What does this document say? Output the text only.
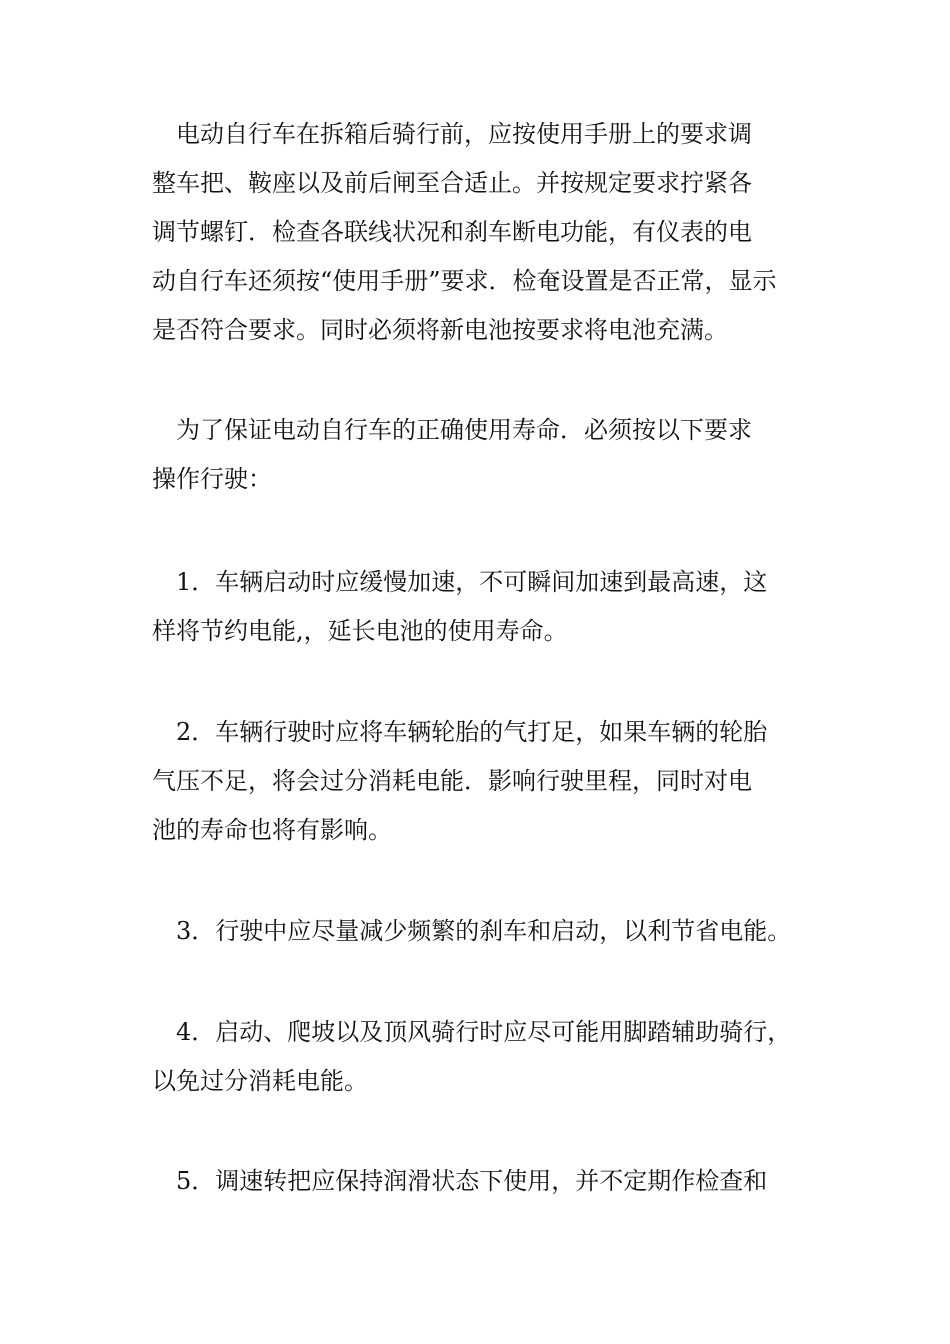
　电动自行车在拆箱后骑行前，应按使用手册上的要求调
整车把、鞍座以及前后闸至合适止。并按规定要求拧紧各
调节螺钉．检查各联线状况和刹车断电功能，有仪表的电
动自行车还须按“使用手册”要求．检奄设置是否正常，显示
是否符合要求。同时必须将新电池按要求将电池充满。
　为了保证电动自行车的正确使用寿命．必须按以下要求
操作行驶：
　1．车辆启动时应缓慢加速，不可瞬间加速到最高速，这
样将节约电能,，延长电池的使用寿命。
　2．车辆行驶时应将车辆轮胎的气打足，如果车辆的轮胎
气压不足，将会过分消耗电能．影响行驶里程，同时对电
池的寿命也将有影响。
　3．行驶中应尽量减少频繁的刹车和启动，以利节省电能。
　4．启动、爬坡以及顶风骑行时应尽可能用脚踏辅助骑行，
以免过分消耗电能。
　5．调速转把应保持润滑状态下使用，并不定期作检查和
